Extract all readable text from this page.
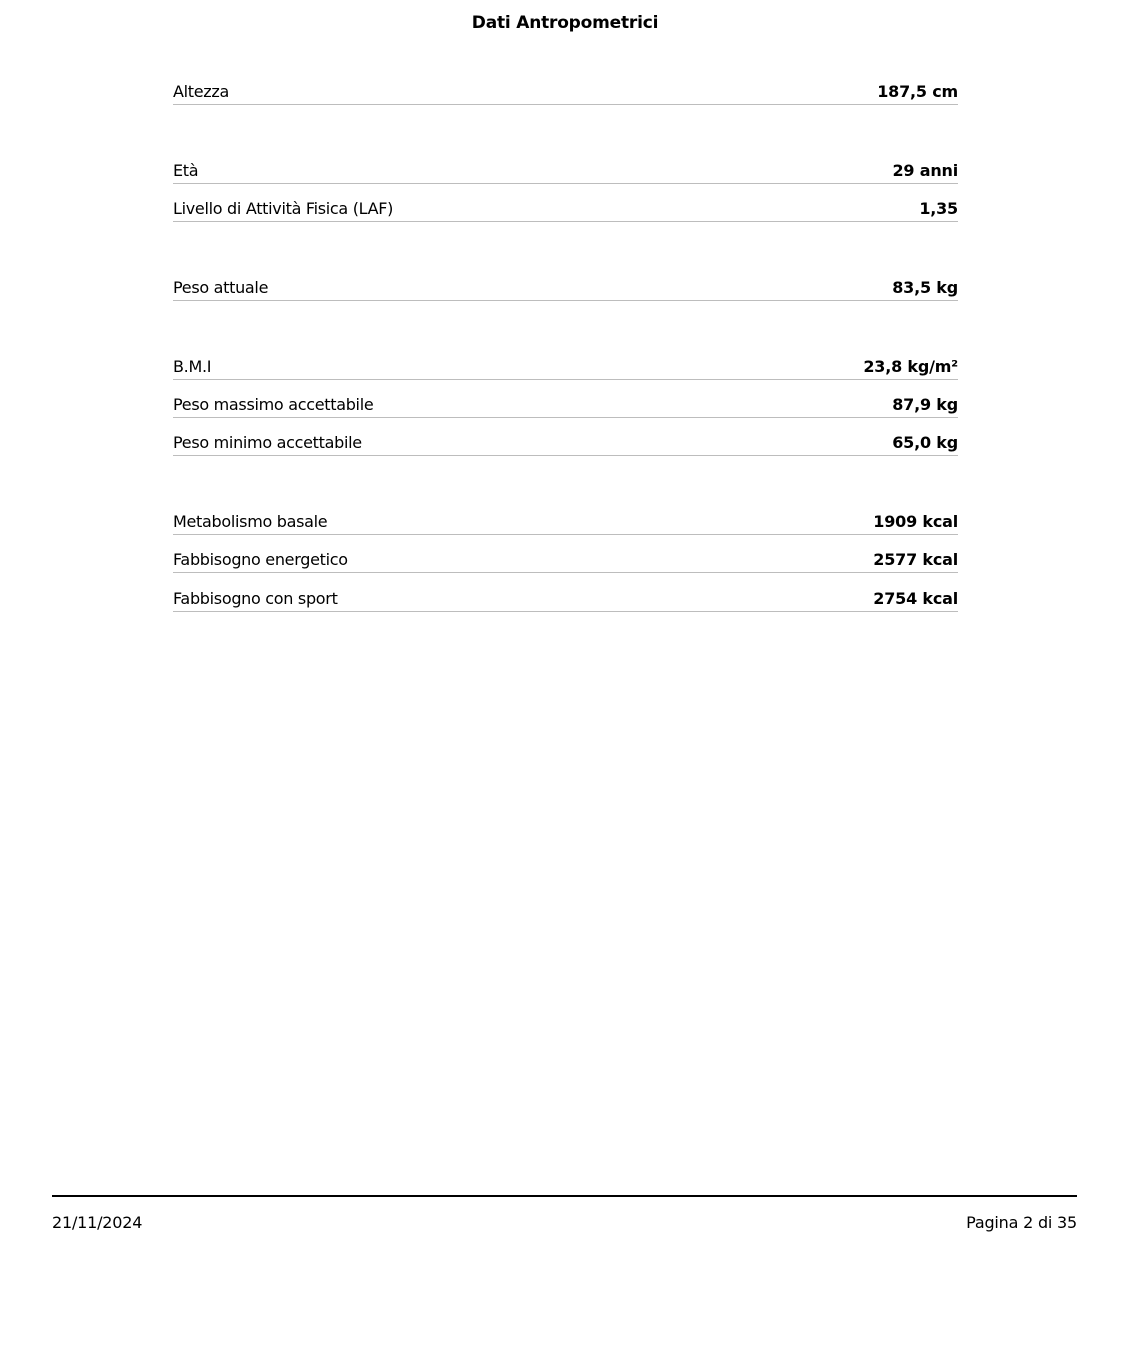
Dati Antropometrici
Altezza	187,5 cm
Età	29 anni
Livello di Attività Fisica (LAF)	1,35
Peso attuale	83,5 kg
B.M.I	23,8 kg/m²
Peso massimo accettabile	87,9 kg
Peso minimo accettabile	65,0 kg
Metabolismo basale	1909 kcal
Fabbisogno energetico	2577 kcal
Fabbisogno con sport	2754 kcal
21/11/2024	Pagina 2 di 35
